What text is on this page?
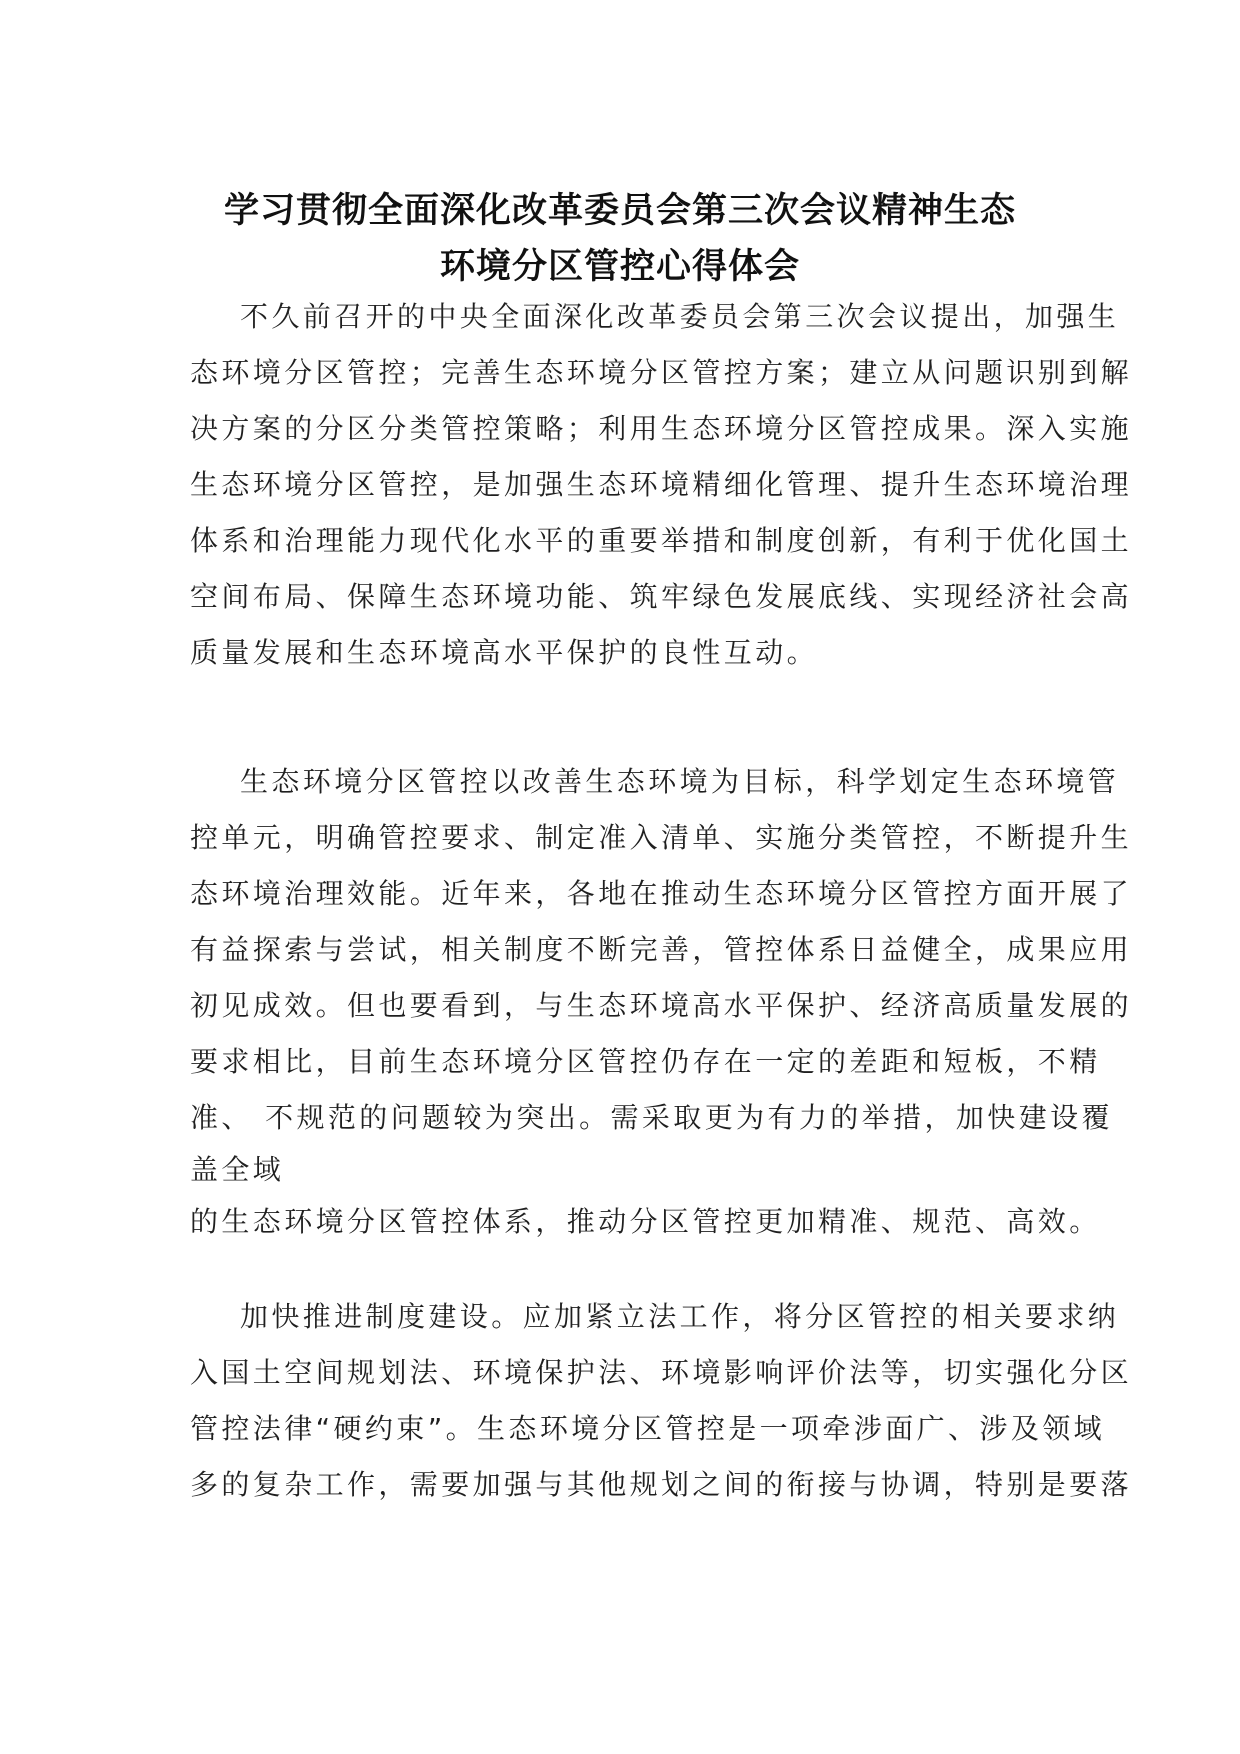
学习贯彻全面深化改革委员会第三次会议精神生态
环境分区管控心得体会
不久前召开的中央全面深化改革委员会第三次会议提出，加强生
态环境分区管控；完善生态环境分区管控方案；建立从问题识别到解
决方案的分区分类管控策略；利用生态环境分区管控成果。深入实施
生态环境分区管控，是加强生态环境精细化管理、提升生态环境治理
体系和治理能力现代化水平的重要举措和制度创新，有利于优化国土
空间布局、保障生态环境功能、筑牢绿色发展底线、实现经济社会高
质量发展和生态环境高水平保护的良性互动。
生态环境分区管控以改善生态环境为目标，科学划定生态环境管
控单元，明确管控要求、制定准入清单、实施分类管控，不断提升生
态环境治理效能。近年来，各地在推动生态环境分区管控方面开展了
有益探索与尝试，相关制度不断完善，管控体系日益健全，成果应用
初见成效。但也要看到，与生态环境高水平保护、经济高质量发展的
要求相比，目前生态环境分区管控仍存在一定的差距和短板，不精
准、 不规范的问题较为突出。需采取更为有力的举措，加快建设覆
盖全域
的生态环境分区管控体系，推动分区管控更加精准、规范、高效。
加快推进制度建设。应加紧立法工作，将分区管控的相关要求纳
入国土空间规划法、环境保护法、环境影响评价法等，切实强化分区
管控法律“硬约束”。生态环境分区管控是一项牵涉面广、涉及领域
多的复杂工作，需要加强与其他规划之间的衔接与协调，特别是要落
